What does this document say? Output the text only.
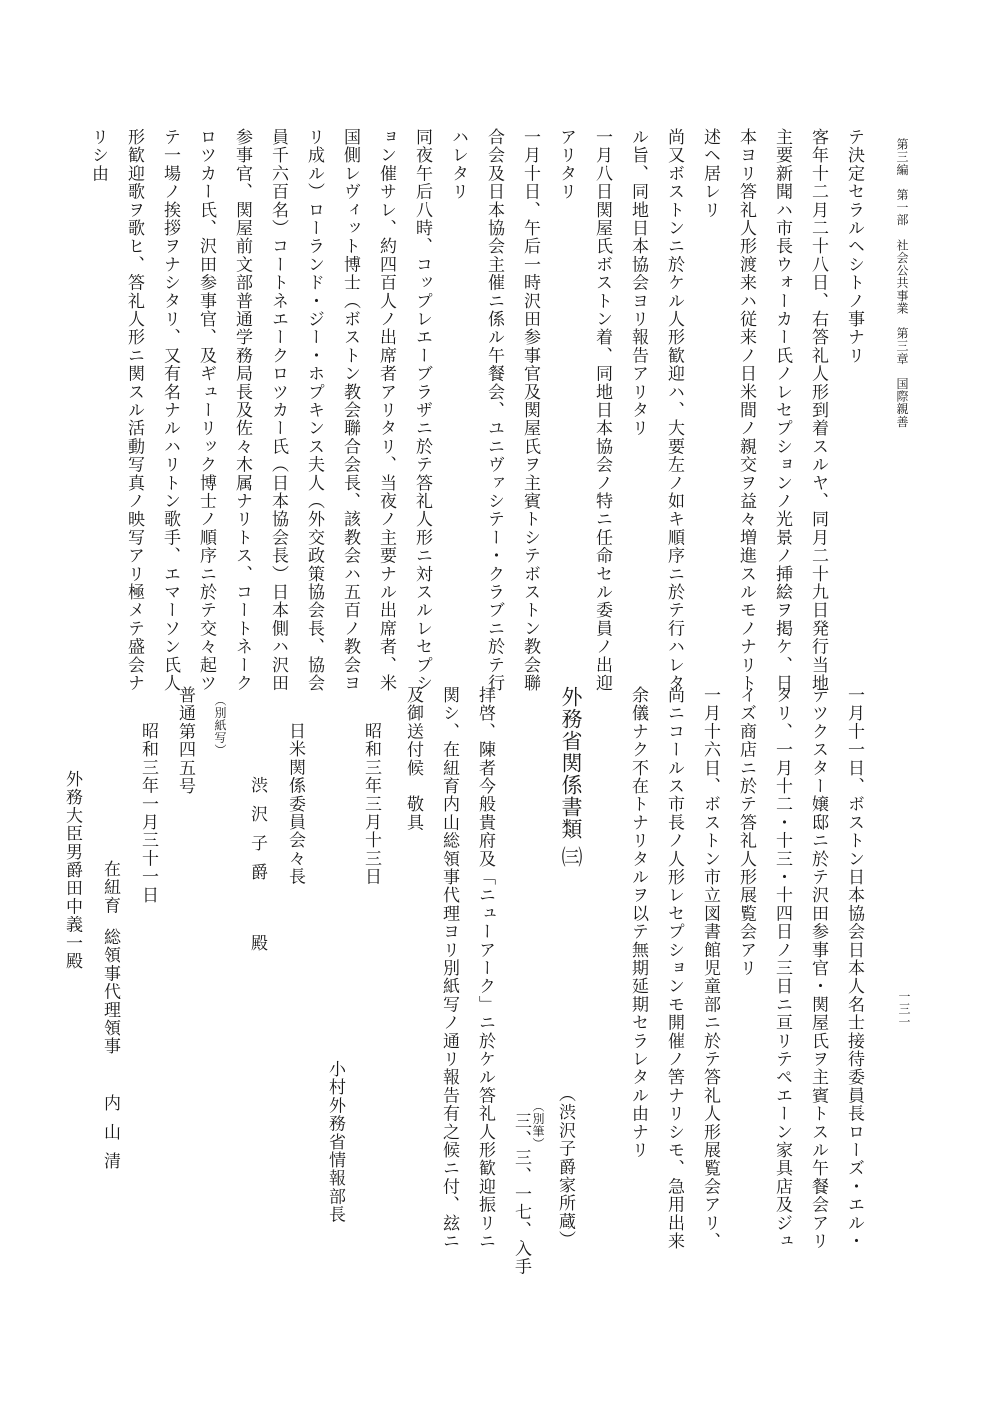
第三編　第一部　社会公共事業　第三章　国際親善
一三一
テ決定セラルヘシトノ事ナリ
客年十二月二十八日、右答礼人形到着スルヤ、同月二十九日発行当地
主要新聞ハ市長ウォーカー氏ノレセプションノ光景ノ挿絵ヲ掲ケ、日
本ヨリ答礼人形渡来ハ従来ノ日米間ノ親交ヲ益々増進スルモノナリト
述ヘ居レリ
尚又ボストンニ於ケル人形歓迎ハ、大要左ノ如キ順序ニ於テ行ハレタ
ル旨、同地日本協会ヨリ報告アリタリ
一月八日関屋氏ボストン着、同地日本協会ノ特ニ任命セル委員ノ出迎
アリタリ
一月十日、午后一時沢田参事官及関屋氏ヲ主賓トシテボストン教会聯
合会及日本協会主催ニ係ル午餐会、ユニヴァシテー・クラブニ於テ行
ハレタリ
同夜午后八時、コップレエーブラザニ於テ答礼人形ニ対スルレセプシ
ョン催サレ、約四百人ノ出席者アリタリ、当夜ノ主要ナル出席者、米
国側レヴィット博士（ボストン教会聯合会長、該教会ハ五百ノ教会ヨ
リ成ル）ローランド・ジー・ホプキンス夫人（外交政策協会長、協会
員千六百名）コートネエークロツカー氏（日本協会長）日本側ハ沢田
参事官、関屋前文部普通学務局長及佐々木属ナリトス、コートネーク
ロツカー氏、沢田参事官、及ギューリック博士ノ順序ニ於テ交々起ツ
テ一場ノ挨拶ヲナシタリ、又有名ナルハリトン歌手、エマーソン氏人
形歓迎歌ヲ歌ヒ、答礼人形ニ関スル活動写真ノ映写アリ極メテ盛会ナ
リシ由
一月十一日、ボストン日本協会日本人名士接待委員長ローズ・エル・
テツクスター嬢邸ニ於テ沢田参事官・関屋氏ヲ主賓トスル午餐会アリ
タリ、一月十二・十三・十四日ノ三日ニ亘リテペエーン家具店及ジュ
イズ商店ニ於テ答礼人形展覧会アリ
一月十六日、ボストン市立図書館児童部ニ於テ答礼人形展覧会アリ、
尚ニコールス市長ノ人形レセプションモ開催ノ筈ナリシモ、急用出来
余儀ナク不在トナリタルヲ以テ無期延期セラレタル由ナリ
外務省関係書類㈢
（渋沢子爵家所蔵）
（別筆）
三、三、一七、入手
拝啓、陳者今般貴府及「ニューアーク」ニ於ケル答礼人形歓迎振リニ
関シ、在紐育内山総領事代理ヨリ別紙写ノ通リ報告有之候ニ付、玆ニ
及御送付候　敬具
小村外務省情報部長
昭和三年三月十三日
日米関係委員会々長
渋沢子爵
殿
（別紙写）
普通第四五号
昭和三年一月三十一日
在紐育
総領事代理領事
内山清
外務大臣男爵田中義一殿
